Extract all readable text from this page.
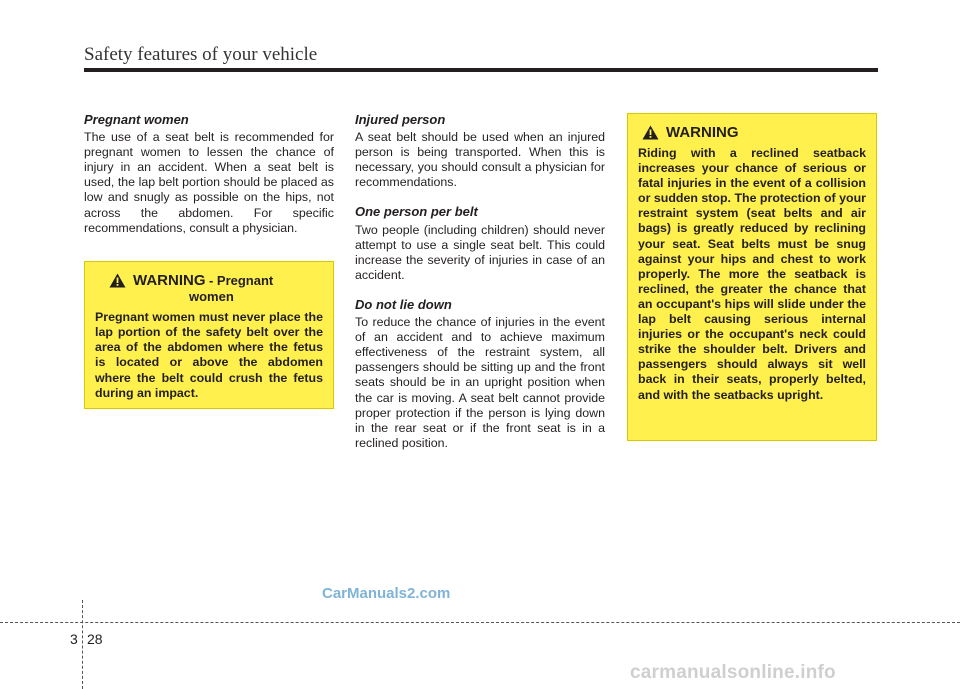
Safety features of your vehicle
Pregnant women

The use of a seat belt is recommended for pregnant women to lessen the chance of injury in an accident. When a seat belt is used, the lap belt portion should be placed as low and snugly as possible on the hips, not across the abdomen. For specific recommendations, consult a physician.

WARNING - Pregnant
women

Pregnant women must never place the lap portion of the safety belt over the area of the abdomen where the fetus is located or above the abdomen where the belt could crush the fetus during an impact.

Injured person

A seat belt should be used when an injured person is being transported. When this is necessary, you should consult a physician for recommendations.

One person per belt

Two people (including children) should never attempt to use a single seat belt. This could increase the severity of injuries in case of an accident.

Do not lie down

To reduce the chance of injuries in the event of an accident and to achieve maximum effectiveness of the restraint system, all passengers should be sitting up and the front seats should be in an upright position when the car is moving. A seat belt cannot provide proper protection if the person is lying down in the rear seat or if the front seat is in a reclined position.

WARNING

Riding with a reclined seatback increases your chance of serious or fatal injuries in the event of a collision or sudden stop. The protection of your restraint system (seat belts and air bags) is greatly reduced by reclining your seat. Seat belts must be snug against your hips and chest to work properly. The more the seatback is reclined, the greater the chance that an occupant's hips will slide under the lap belt causing serious internal injuries or the occupant's neck could strike the shoulder belt. Drivers and passengers should always sit well back in their seats, properly belted, and with the seatbacks upright.

3 28
CarManuals2.com
carmanualsonline.info
